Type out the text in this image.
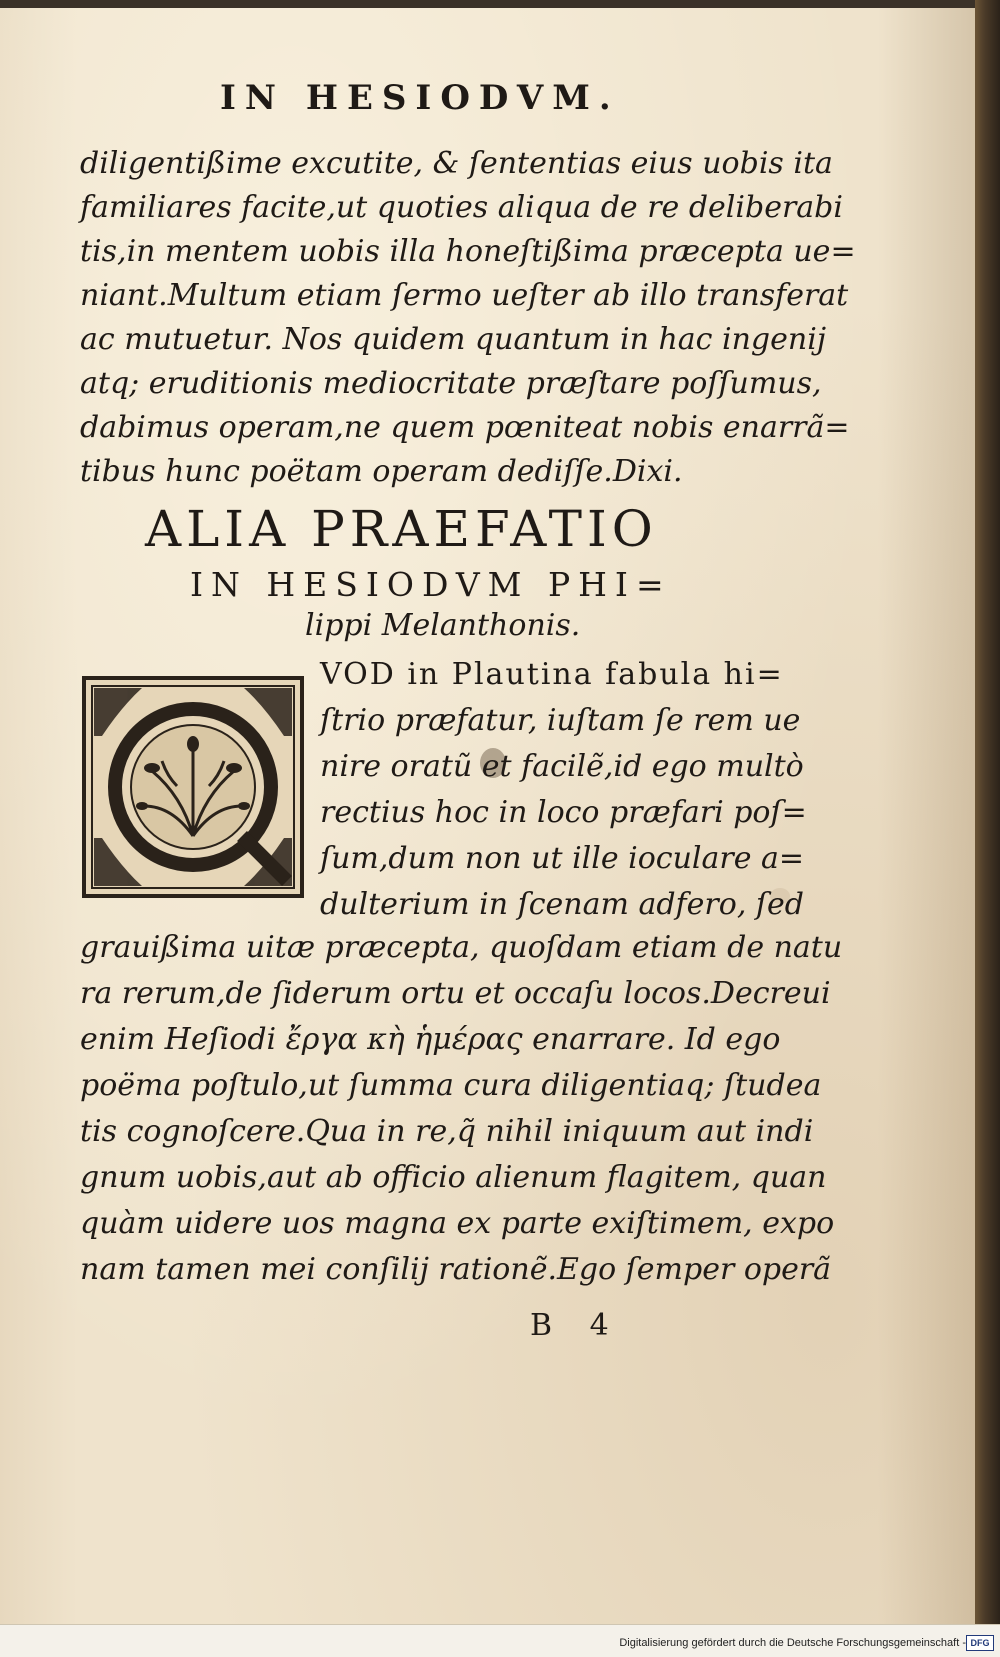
IN HESIODVM.
diligentißime excutite, & ſententias eius uobis ita
familiares facite,ut quoties aliqua de re deliberabi
tis,in mentem uobis illa honeſtißima præcepta ue=
niant.Multum etiam ſermo ueſter ab illo transferat
ac mutuetur. Nos quidem quantum in hac ingenij
atq; eruditionis mediocritate præſtare poſſumus,
dabimus operam,ne quem pœniteat nobis enarrã=
tibus hunc poëtam operam dediſſe.Dixi.
ALIA PRAEFATIO
IN HESIODVM PHI=
lippi Melanthonis.
VOD in Plautina fabula hi=
ſtrio præfatur, iuſtam ſe rem ue
nire oratũ et facilẽ,id ego multò
rectius hoc in loco præfari poſ=
ſum,dum non ut ille ioculare a=
dulterium in ſcenam adfero, ſed
grauißima uitæ præcepta, quoſdam etiam de natu
ra rerum,de ſiderum ortu et occaſu locos.Decreui
enim Heſiodi ἔργα κὴ ἡμέρας enarrare. Id ego
poëma poſtulo,ut ſumma cura diligentiaq; ſtudea
tis cognoſcere.Qua in re,q̃ nihil iniquum aut indi
gnum uobis,aut ab officio alienum flagitem, quan
quàm uidere uos magna ex parte exiſtimem, expo
nam tamen mei conſilij rationẽ.Ego ſemper operã
B 4
Digitalisierung gefördert durch die Deutsche Forschungsgemeinschaft - DFG
